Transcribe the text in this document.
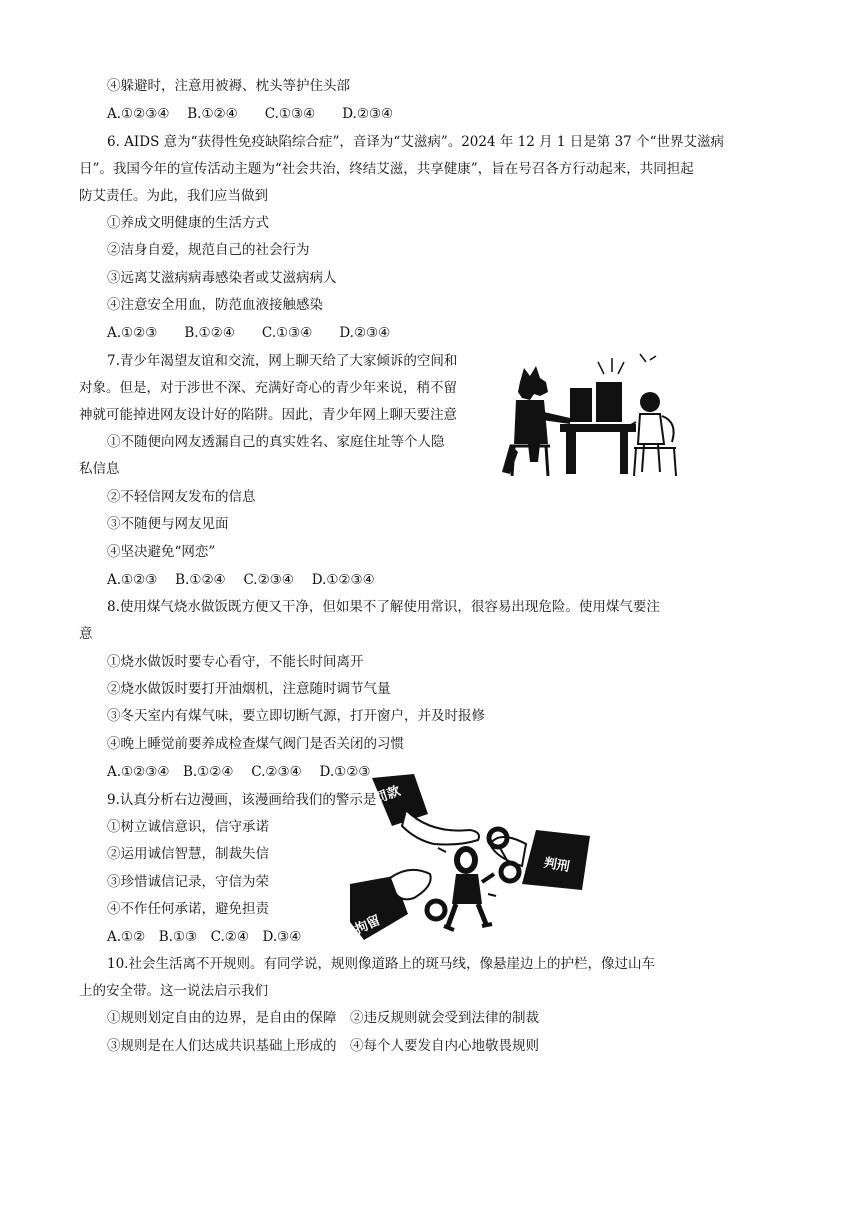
④躲避时，注意用被褥、枕头等护住头部
A.①②③④　 B.①②④　　C.①③④　　D.②③④
6. AIDS 意为“获得性免疫缺陷综合症”，音译为“艾滋病”。2024 年 12 月 1 日是第 37 个“世界艾滋病
日”。我国今年的宣传活动主题为“社会共治，终结艾滋，共享健康”，旨在号召各方行动起来，共同担起
防艾责任。为此，我们应当做到
①养成文明健康的生活方式
②洁身自爱，规范自己的社会行为
③远离艾滋病病毒感染者或艾滋病病人
④注意安全用血，防范血液接触感染
A.①②③　　B.①②④　　C.①③④　　D.②③④
7.青少年渴望友谊和交流，网上聊天给了大家倾诉的空间和
对象。但是，对于涉世不深、充满好奇心的青少年来说，稍不留
神就可能掉进网友设计好的陷阱。因此，青少年网上聊天要注意
①不随便向网友透漏自己的真实姓名、家庭住址等个人隐
私信息
②不轻信网友发布的信息
③不随便与网友见面
④坚决避免“网恋”
A.①②③　 B.①②④　 C.②③④　 D.①②③④
8.使用煤气烧水做饭既方便又干净，但如果不了解使用常识，很容易出现危险。使用煤气要注
意
①烧水做饭时要专心看守，不能长时间离开
②烧水做饭时要打开油烟机，注意随时调节气量
③冬天室内有煤气味，要立即切断气源，打开窗户，并及时报修
④晚上睡觉前要养成检查煤气阀门是否关闭的习惯
A.①②③④　B.①②④　 C.②③④　 D.①②③
9.认真分析右边漫画，该漫画给我们的警示是
①树立诚信意识，信守承诺
②运用诚信智慧，制裁失信
③珍惜诚信记录，守信为荣
④不作任何承诺，避免担责
A.①②　B.①③　C.②④　D.③④
罚款
拘留
判刑
10.社会生活离不开规则。有同学说，规则像道路上的斑马线，像悬崖边上的护栏，像过山车
上的安全带。这一说法启示我们
①规则划定自由的边界，是自由的保障　②违反规则就会受到法律的制裁
③规则是在人们达成共识基础上形成的　④每个人要发自内心地敬畏规则
